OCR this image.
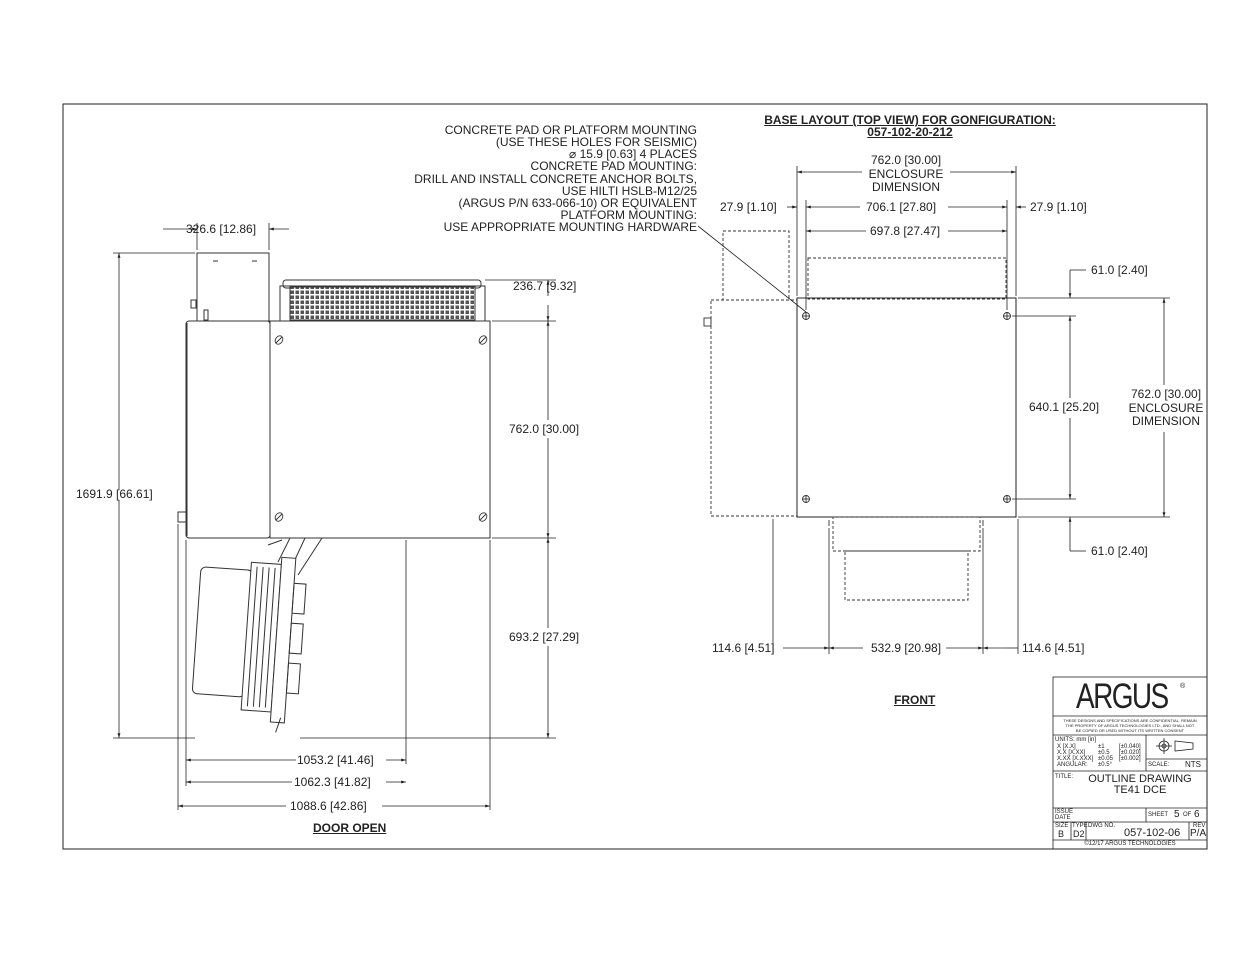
CONCRETE PAD OR PLATFORM MOUNTING
(USE THESE HOLES FOR SEISMIC)
⌀ 15.9 [0.63] 4 PLACES
CONCRETE PAD MOUNTING:
DRILL AND INSTALL CONCRETE ANCHOR BOLTS,
USE HILTI HSLB-M12/25
(ARGUS P/N 633-066-10) OR EQUIVALENT
PLATFORM MOUNTING:
USE APPROPRIATE MOUNTING HARDWARE
326.6 [12.86]
1691.9 [66.61]
236.7 [9.32]
762.0 [30.00]
693.2 [27.29]
1053.2 [41.46]
1062.3 [41.82]
1088.6 [42.86]
DOOR OPEN
BASE LAYOUT (TOP VIEW) FOR GONFIGURATION:
057-102-20-212
762.0 [30.00]
ENCLOSURE
DIMENSION
27.9 [1.10]	27.9 [1.10]
706.1 [27.80]
697.8 [27.47]
61.0 [2.40]
640.1 [25.20]
762.0 [30.00]
ENCLOSURE
DIMENSION
61.0 [2.40]
114.6 [4.51]	532.9 [20.98]	114.6 [4.51]
FRONT	ARGUS ®
THESE DESIGNS AND SPECIFICATIONS ARE CONFIDENTIAL. REMAIN
THE PROPERTY OF ARGUS TECHNOLOGIES LTD., AND SHALL NOT
BE COPIED OR USED WITHOUT ITS WRITTEN CONSENT
UNITS: mm [in]
X [X.X]	±1 [±0.040]
X.X [X.XX] ±0.5 [±0.020]
X.XX [X.XXX] ±0.05 [±0.002]
ANGULAR: ±0.5°	SCALE: NTS
TITLE:	OUTLINE DRAWING
TE41 DCE
ISSUE
DATE	SHEET 5 OF 6
SIZE
B
TYPE
D2
DWG NO.
057-102-06
REV
P/A
©12/17 ARGUS TECHNOLOGIES
